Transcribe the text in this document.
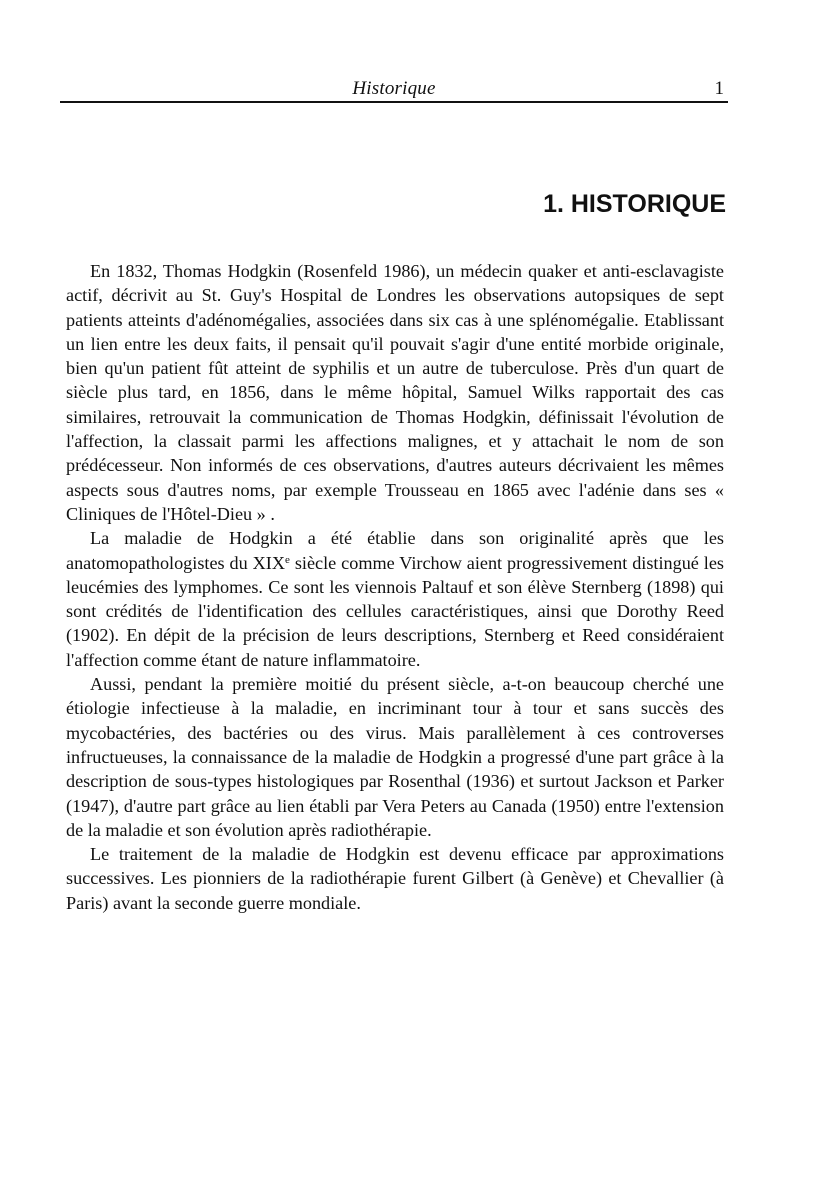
Historique	1
1. HISTORIQUE

En 1832, Thomas Hodgkin (Rosenfeld 1986), un médecin quaker et anti-esclavagiste actif, décrivit au St. Guy's Hospital de Londres les observations autopsiques de sept patients atteints d'adénomégalies, associées dans six cas à une splénomégalie. Etablissant un lien entre les deux faits, il pensait qu'il pouvait s'agir d'une entité morbide originale, bien qu'un patient fût atteint de syphilis et un autre de tuberculose. Près d'un quart de siècle plus tard, en 1856, dans le même hôpital, Samuel Wilks rapportait des cas similaires, retrouvait la communication de Thomas Hodgkin, définissait l'évolution de l'affection, la classait parmi les affections malignes, et y attachait le nom de son prédécesseur. Non informés de ces observations, d'autres auteurs décrivaient les mêmes aspects sous d'autres noms, par exemple Trousseau en 1865 avec l'adénie dans ses « Cliniques de l'Hôtel-Dieu » .

La maladie de Hodgkin a été établie dans son originalité après que les anatomopathologistes du XIXe siècle comme Virchow aient progressivement distingué les leucémies des lymphomes. Ce sont les viennois Paltauf et son élève Sternberg (1898) qui sont crédités de l'identification des cellules caractéristiques, ainsi que Dorothy Reed (1902). En dépit de la précision de leurs descriptions, Sternberg et Reed considéraient l'affection comme étant de nature inflammatoire.

Aussi, pendant la première moitié du présent siècle, a-t-on beaucoup cherché une étiologie infectieuse à la maladie, en incriminant tour à tour et sans succès des mycobactéries, des bactéries ou des virus. Mais parallèlement à ces controverses infructueuses, la connaissance de la maladie de Hodgkin a progressé d'une part grâce à la description de sous-types histologiques par Rosenthal (1936) et surtout Jackson et Parker (1947), d'autre part grâce au lien établi par Vera Peters au Canada (1950) entre l'extension de la maladie et son évolution après radiothérapie.

Le traitement de la maladie de Hodgkin est devenu efficace par approximations successives. Les pionniers de la radiothérapie furent Gilbert (à Genève) et Chevallier (à Paris) avant la seconde guerre mondiale.
